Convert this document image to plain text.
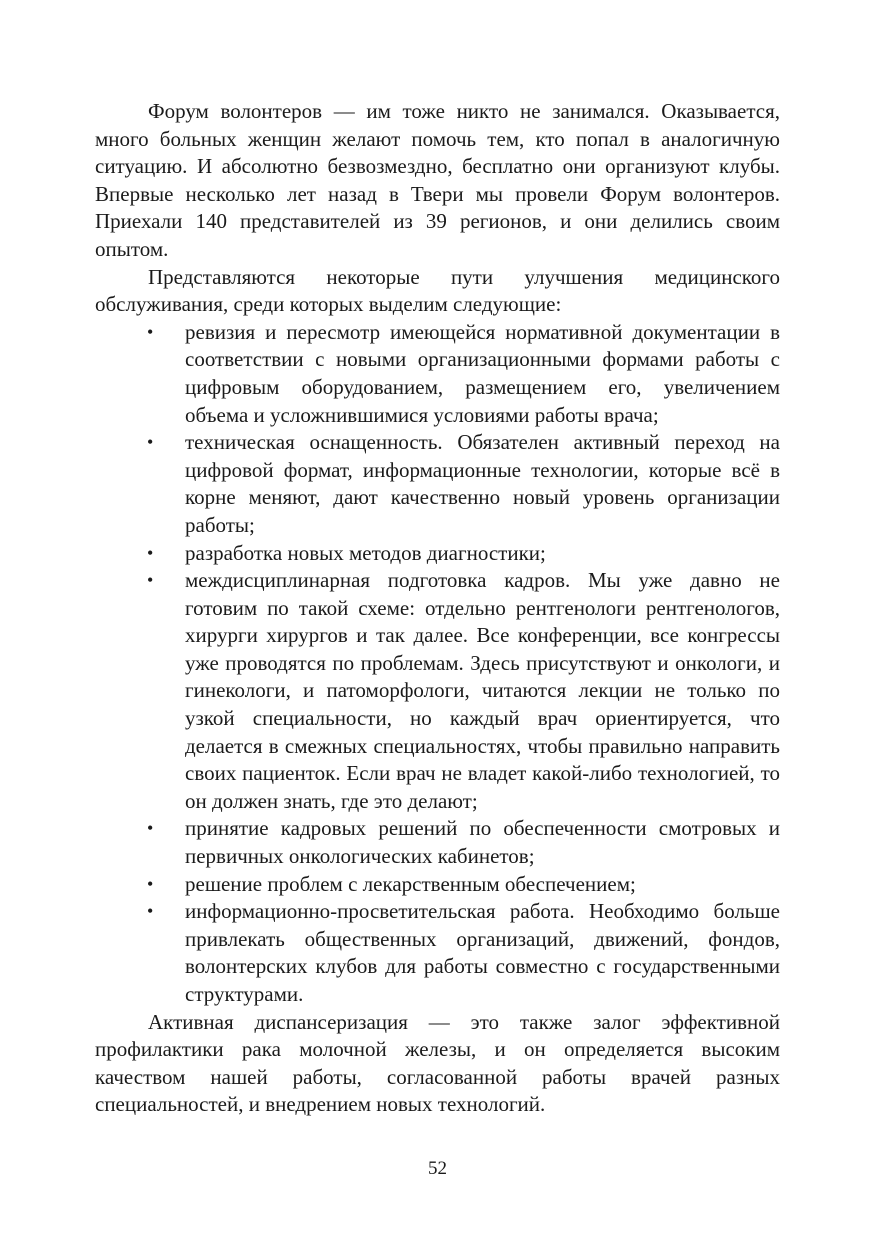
Форум волонтеров — им тоже никто не занимался. Оказывается, много больных женщин желают помочь тем, кто попал в аналогичную ситуацию. И абсолютно безвозмездно, бесплатно они организуют клубы. Впервые несколько лет назад в Твери мы провели Форум волонтеров. Приехали 140 представителей из 39 регионов, и они делились своим опытом.

Представляются некоторые пути улучшения медицинского обслуживания, среди которых выделим следующие:

• ревизия и пересмотр имеющейся нормативной документации в соответствии с новыми организационными формами работы с цифровым оборудованием, размещением его, увеличением объема и усложнившимися условиями работы врача;
• техническая оснащенность. Обязателен активный переход на цифровой формат, информационные технологии, которые всё в корне меняют, дают качественно новый уровень организации работы;
• разработка новых методов диагностики;
• междисциплинарная подготовка кадров. Мы уже давно не готовим по такой схеме: отдельно рентгенологи рентгенологов, хирурги хирургов и так далее. Все конференции, все конгрессы уже проводятся по проблемам. Здесь присутствуют и онкологи, и гинекологи, и патоморфологи, читаются лекции не только по узкой специальности, но каждый врач ориентируется, что делается в смежных специальностях, чтобы правильно направить своих пациенток. Если врач не владет какой-либо технологией, то он должен знать, где это делают;
• принятие кадровых решений по обеспеченности смотровых и первичных онкологических кабинетов;
• решение проблем с лекарственным обеспечением;
• информационно-просветительская работа. Необходимо больше привлекать общественных организаций, движений, фондов, волонтерских клубов для работы совместно с государственными структурами.

Активная диспансеризация — это также залог эффективной профилактики рака молочной железы, и он определяется высоким качеством нашей работы, согласованной работы врачей разных специальностей, и внедрением новых технологий.

52
